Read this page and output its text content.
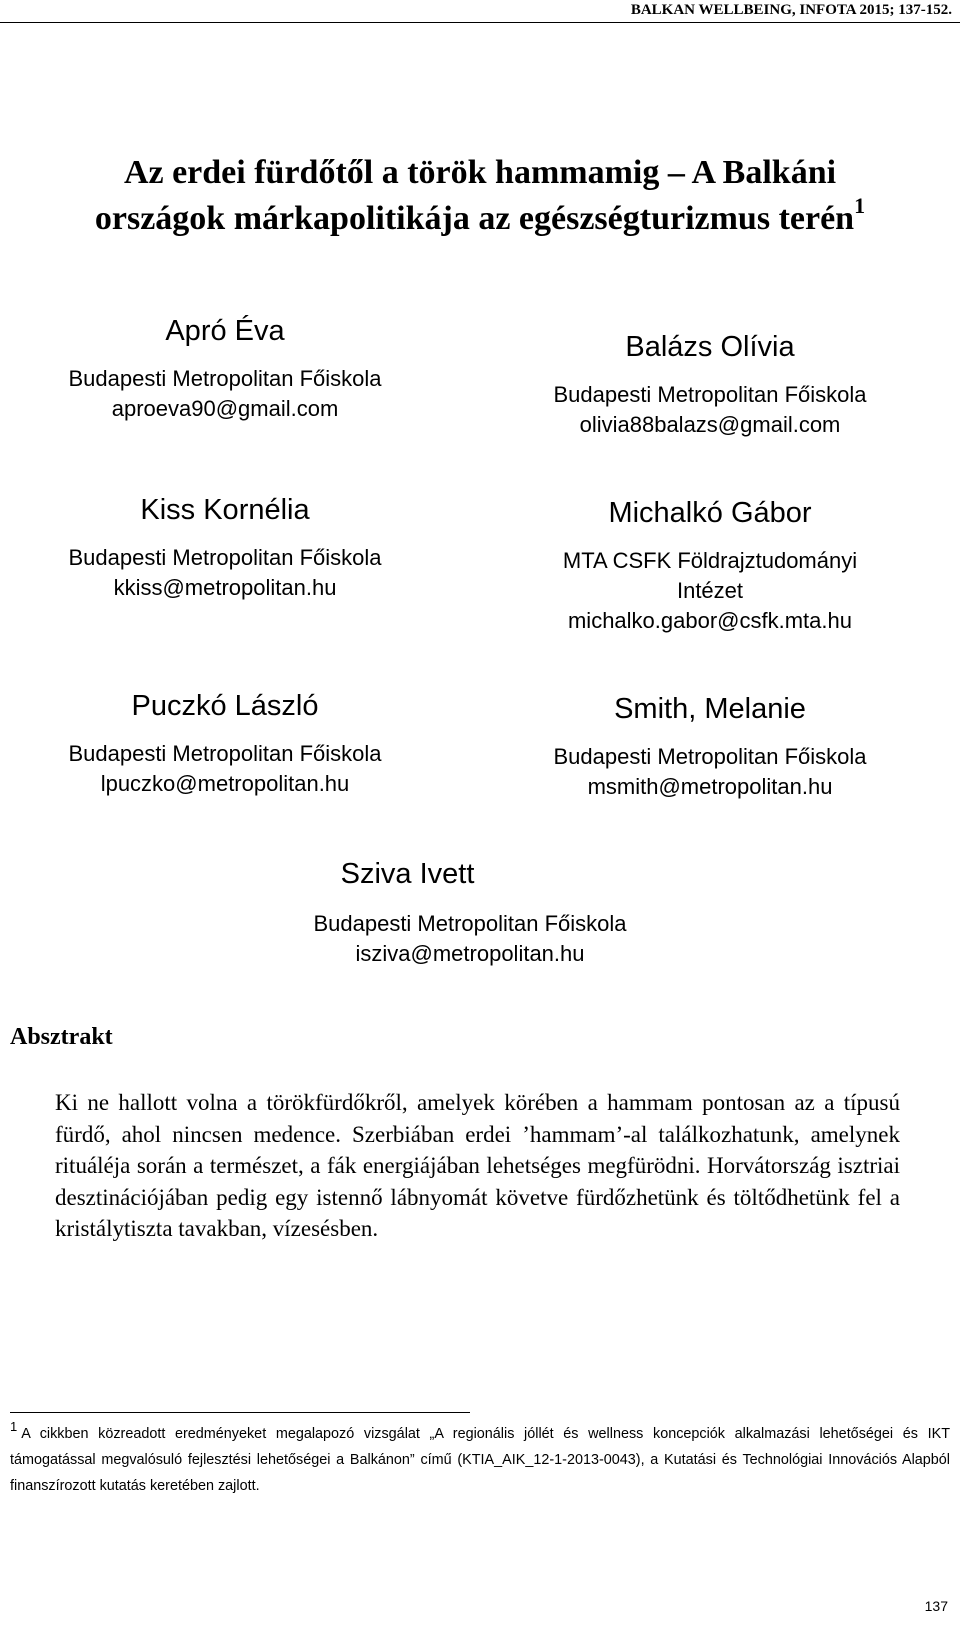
BALKAN WELLBEING, INFOTA 2015; 137-152.
Az erdei fürdőtől a török hammamig – A Balkáni
országok márkapolitikája az egészségturizmus terén$^1$
Apró Éva
Budapesti Metropolitan Főiskola
aproeva90@gmail.com
Kiss Kornélia
Budapesti Metropolitan Főiskola
kkiss@metropolitan.hu
Puczkó László
Budapesti Metropolitan Főiskola
lpuczko@metropolitan.hu
Balázs Olívia
Budapesti Metropolitan Főiskola
olivia88balazs@gmail.com
Michalkó Gábor
MTA CSFK Földrajztudományi
Intézet
michalko.gabor@csfk.mta.hu
Smith, Melanie
Budapesti Metropolitan Főiskola
msmith@metropolitan.hu
Sziva Ivett
Budapesti Metropolitan Főiskola
isziva@metropolitan.hu
Absztrakt
Ki ne hallott volna a törökfürdőkről, amelyek körében a hammam pontosan az a típusú fürdő, ahol nincsen medence. Szerbiában erdei ’hammam’-al találkozhatunk, amelynek rituáléja során a természet, a fák energiájában lehetséges megfürödni. Horvátország isztriai desztinációjában pedig egy istennő lábnyomát követve fürdőzhetünk és töltődhetünk fel a kristálytiszta tavakban, vízesésben.
$^1$ A cikkben közreadott eredményeket megalapozó vizsgálat „A regionális jóllét és wellness koncepciók alkalmazási lehetőségei és IKT támogatással megvalósuló fejlesztési lehetőségei a Balkánon” című (KTIA_AIK_12-1-2013-0043), a Kutatási és Technológiai Innovációs Alapból finanszírozott kutatás keretében zajlott.
137
